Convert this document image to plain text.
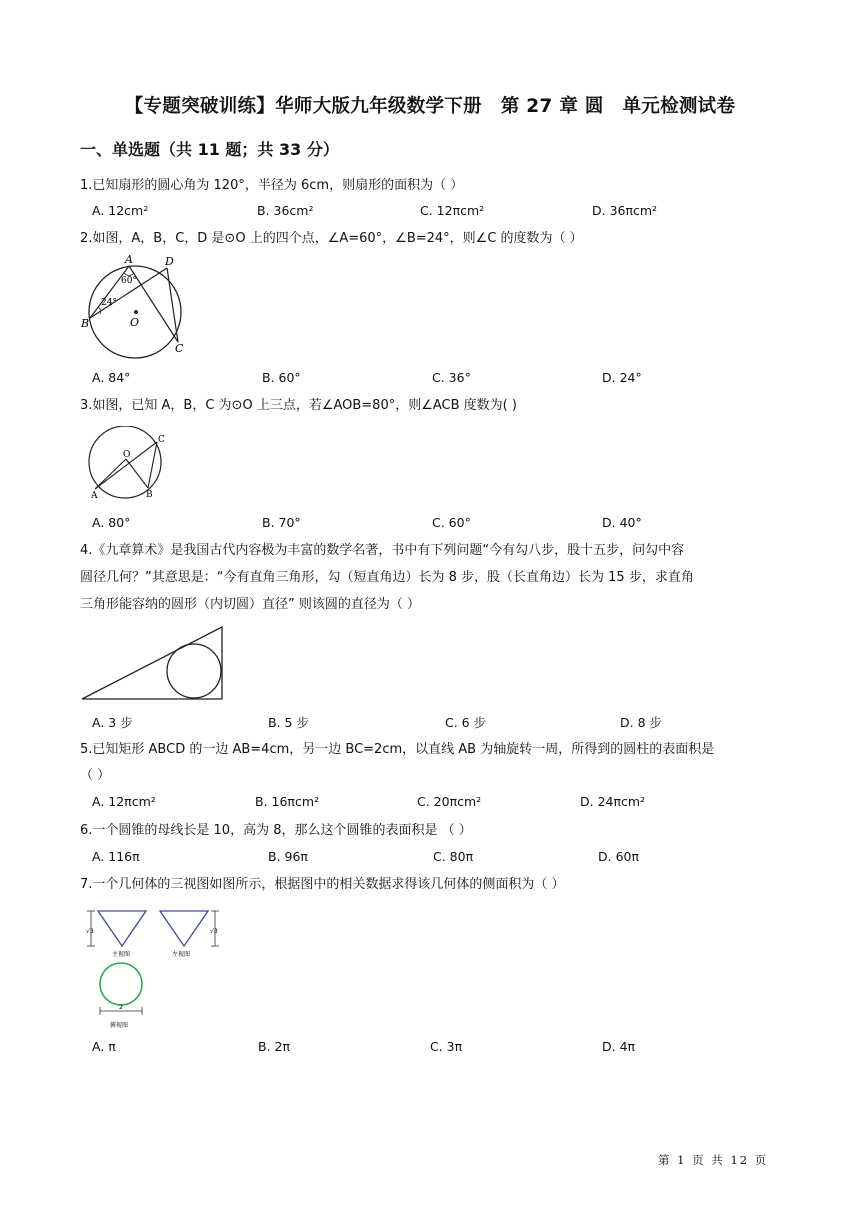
【专题突破训练】华师大版九年级数学下册　第 27 章 圆　单元检测试卷
一、单选题（共 11 题；共 33 分）
1.已知扇形的圆心角为 120°，半径为 6cm，则扇形的面积为（ ）
A. 12cm²	B. 36cm²	C. 12πcm²	D. 36πcm²
2.如图，A，B，C，D 是⊙O 上的四个点，∠A=60°，∠B=24°，则∠C 的度数为（ ）
A	D
B
C
O
60°
24°
A. 84°	B. 60°	C. 36°	D. 24°
3.如图，已知 A，B，C 为⊙O 上三点，若∠AOB=80°，则∠ACB 度数为( )
O
C
A	B
A. 80°	B. 70°	C. 60°	D. 40°
4.《九章算术》是我国古代内容极为丰富的数学名著，书中有下列问题“今有勾八步，股十五步，问勾中容
圆径几何？”其意思是：“今有直角三角形，勾（短直角边）长为 8 步，股（长直角边）长为 15 步，求直角
三角形能容纳的圆形（内切圆）直径” 则该圆的直径为（ ）
A. 3 步	B. 5 步	C. 6 步	D. 8 步
5.已知矩形 ABCD 的一边 AB=4cm，另一边 BC=2cm，以直线 AB 为轴旋转一周，所得到的圆柱的表面积是
（ ）
A. 12πcm²	B. 16πcm²	C. 20πcm²	D. 24πcm²
6.一个圆锥的母线长是 10，高为 8，那么这个圆锥的表面积是 （ ）
A. 116π	B. 96π	C. 80π	D. 60π
7.一个几何体的三视图如图所示，根据图中的相关数据求得该几何体的侧面积为（ ）
√3
主视图
√3
左视图
2
俯视图
A. π	B. 2π	C. 3π	D. 4π
第 1 页 共 12 页
